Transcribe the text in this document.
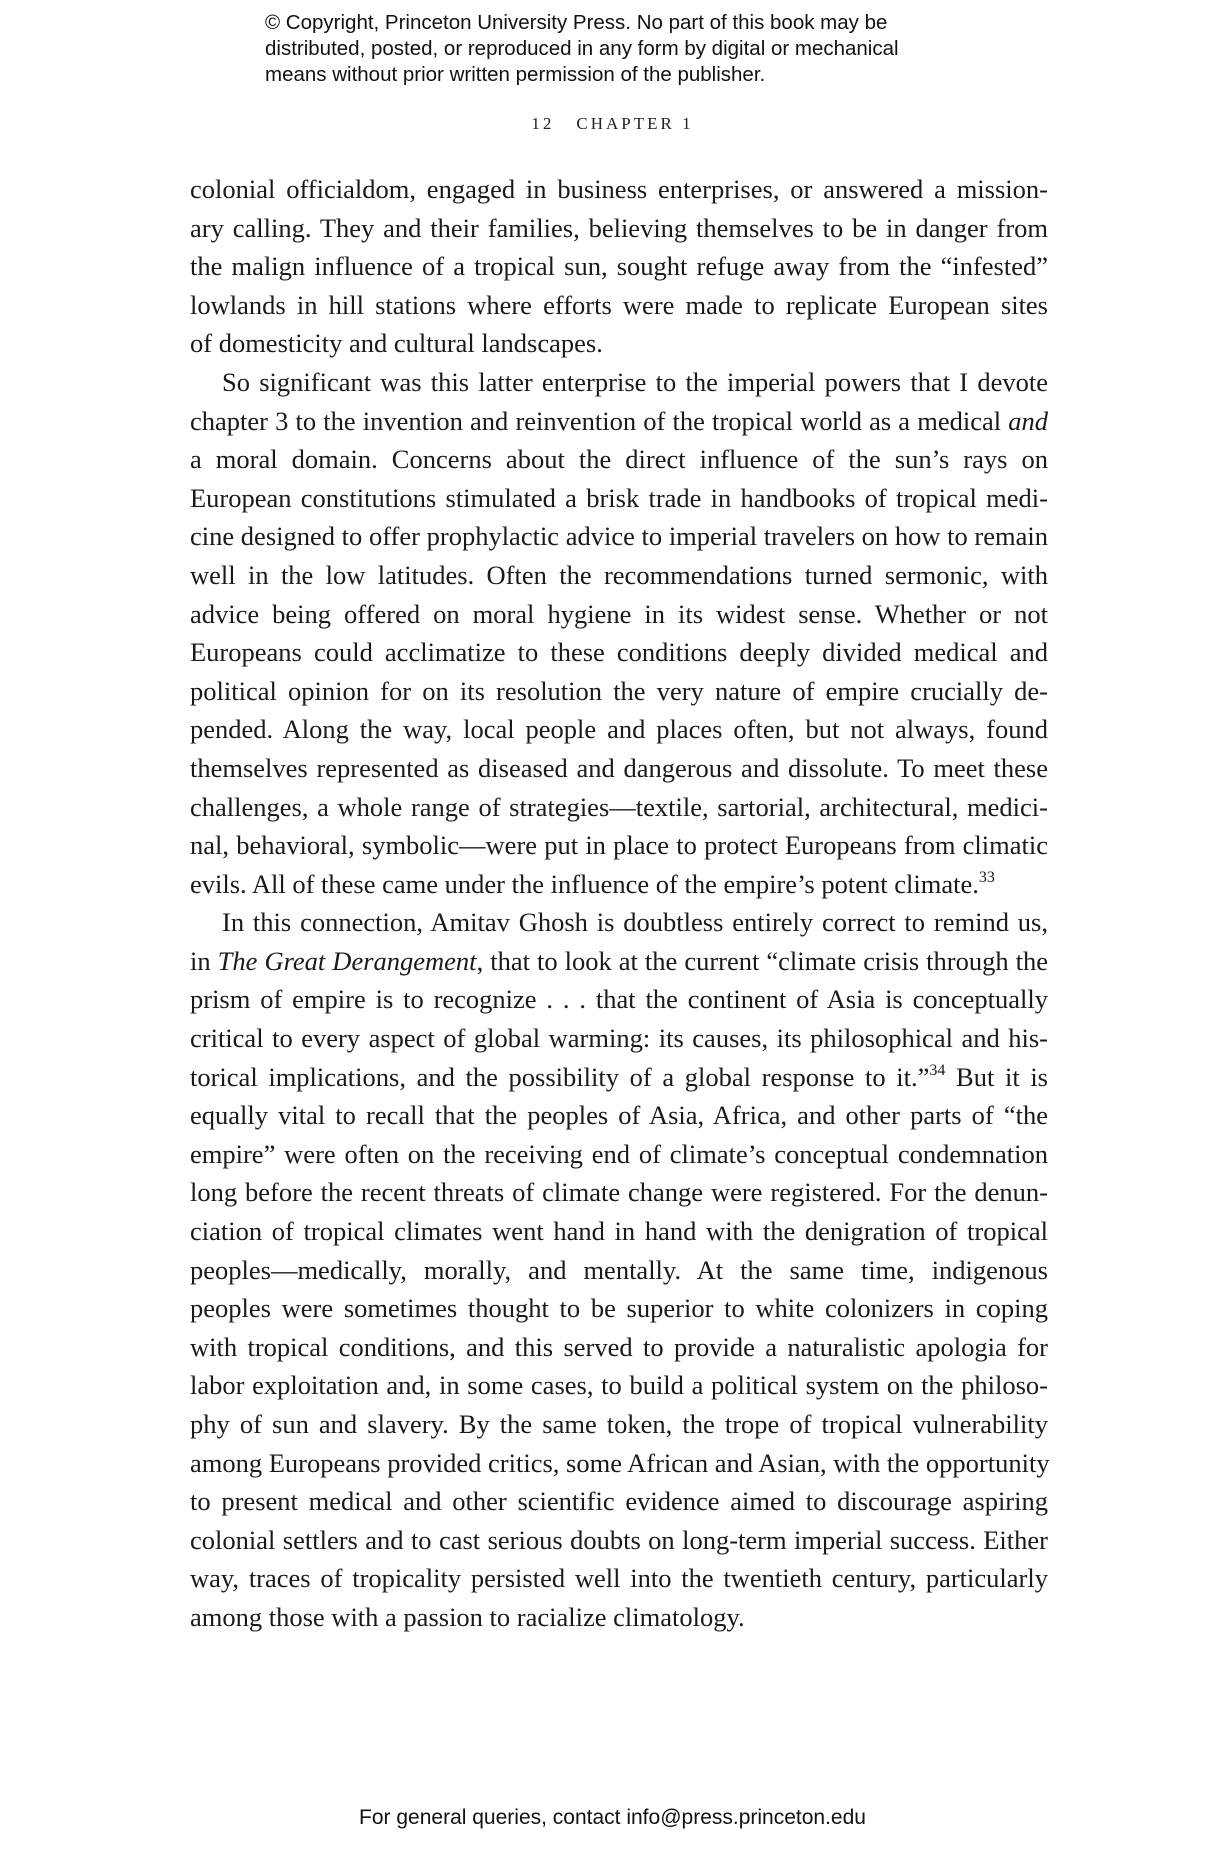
© Copyright, Princeton University Press. No part of this book may be
distributed, posted, or reproduced in any form by digital or mechanical
means without prior written permission of the publisher.
12 CHAPTER 1
colonial officialdom, engaged in business enterprises, or answered a mission-
ary calling. They and their families, believing themselves to be in danger from
the malign influence of a tropical sun, sought refuge away from the “infested”
lowlands in hill stations where efforts were made to replicate European sites
of domesticity and cultural landscapes.
So significant was this latter enterprise to the imperial powers that I devote
chapter 3 to the invention and reinvention of the tropical world as a medical and
a moral domain. Concerns about the direct influence of the sun’s rays on
European constitutions stimulated a brisk trade in handbooks of tropical medi-
cine designed to offer prophylactic advice to imperial travelers on how to remain
well in the low latitudes. Often the recommendations turned sermonic, with
advice being offered on moral hygiene in its widest sense. Whether or not
Europeans could acclimatize to these conditions deeply divided medical and
political opinion for on its resolution the very nature of empire crucially de-
pended. Along the way, local people and places often, but not always, found
themselves represented as diseased and dangerous and dissolute. To meet these
challenges, a whole range of strategies—textile, sartorial, architectural, medici-
nal, behavioral, symbolic—were put in place to protect Europeans from climatic
evils. All of these came under the influence of the empire’s potent climate.$^{33}$
In this connection, Amitav Ghosh is doubtless entirely correct to remind us,
in The Great Derangement, that to look at the current “climate crisis through the
prism of empire is to recognize . . . that the continent of Asia is conceptually
critical to every aspect of global warming: its causes, its philosophical and his-
torical implications, and the possibility of a global response to it.”$^{34}$ But it is
equally vital to recall that the peoples of Asia, Africa, and other parts of “the
empire” were often on the receiving end of climate’s conceptual condemnation
long before the recent threats of climate change were registered. For the denun-
ciation of tropical climates went hand in hand with the denigration of tropical
peoples—medically, morally, and mentally. At the same time, indigenous
peoples were sometimes thought to be superior to white colonizers in coping
with tropical conditions, and this served to provide a naturalistic apologia for
labor exploitation and, in some cases, to build a political system on the philoso-
phy of sun and slavery. By the same token, the trope of tropical vulnerability
among Europeans provided critics, some African and Asian, with the opportunity
to present medical and other scientific evidence aimed to discourage aspiring
colonial settlers and to cast serious doubts on long-term imperial success. Either
way, traces of tropicality persisted well into the twentieth century, particularly
among those with a passion to racialize climatology.
For general queries, contact info@press.princeton.edu
